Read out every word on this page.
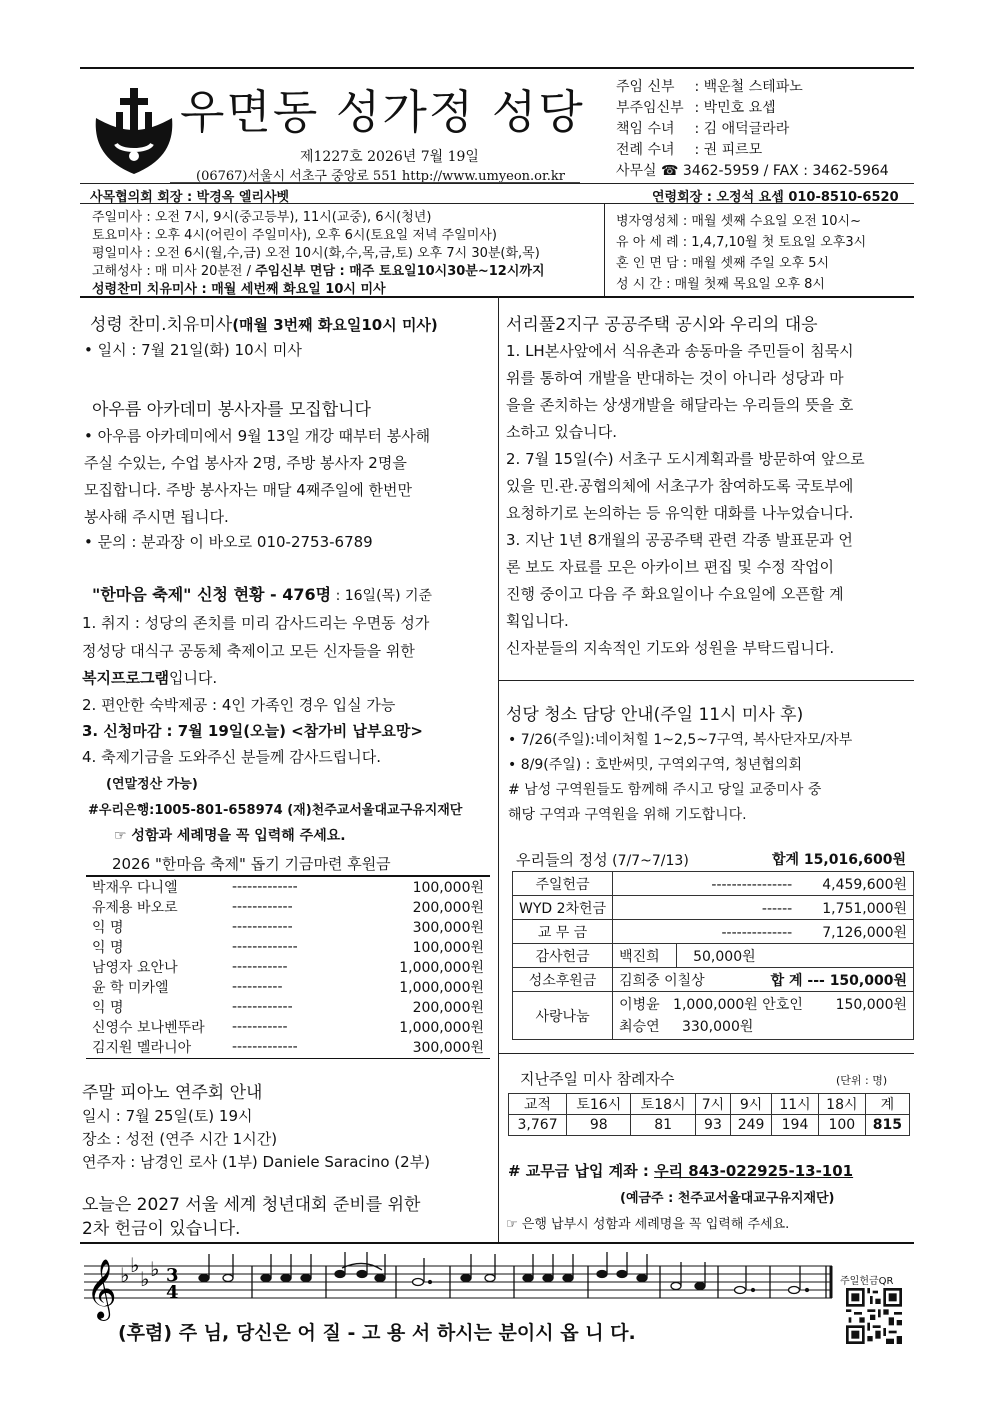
우면동 성가정 성당
제1227호 2026년 7월 19일
(06767)서울시 서초구 중앙로 551 http://www.umyeon.or.kr
주임 신부 : 백운철 스테파노
부주임신부 : 박민호 요셉
책임 수녀 : 김 애덕글라라
전례 수녀 : 권 피르모
사무실 ☎ 3462-5959 / FAX : 3462-5964
사목협의회 회장 : 박경옥 엘리사벳	연령회장 : 오정석 요셉 010-8510-6520
주일미사 : 오전 7시, 9시(중고등부), 11시(교중), 6시(청년)
토요미사 : 오후 4시(어린이 주일미사), 오후 6시(토요일 저녁 주일미사)
평일미사 : 오전 6시(월,수,금) 오전 10시(화,수,목,금,토) 오후 7시 30분(화,목)
고해성사 : 매 미사 20분전 / 주임신부 면담 : 매주 토요일10시30분~12시까지
성령찬미 치유미사 : 매월 세번째 화요일 10시 미사
병자영성체 : 매월 셋째 수요일 오전 10시~
유 아 세 례 : 1,4,7,10월 첫 토요일 오후3시
혼 인 면 담 : 매월 셋째 주일 오후 5시
성 시 간 : 매월 첫째 목요일 오후 8시
성령 찬미.치유미사(매월 3번째 화요일10시 미사)
• 일시 : 7월 21일(화) 10시 미사
아우름 아카데미 봉사자를 모집합니다
• 아우름 아카데미에서 9월 13일 개강 때부터 봉사해
주실 수있는, 수업 봉사자 2명, 주방 봉사자 2명을
모집합니다. 주방 봉사자는 매달 4째주일에 한번만
봉사해 주시면 됩니다.
• 문의 : 분과장 이 바오로 010-2753-6789
"한마음 축제" 신청 현황 - 476명 : 16일(목) 기준
1. 취지 : 성당의 존치를 미리 감사드리는 우면동 성가
정성당 대식구 공동체 축제이고 모든 신자들을 위한
복지프로그램입니다.
2. 편안한 숙박제공 : 4인 가족인 경우 입실 가능
3. 신청마감 : 7월 19일(오늘) <참가비 납부요망>
4. 축제기금을 도와주신 분들께 감사드립니다.
(연말정산 가능)
#우리은행:1005-801-658974 (재)천주교서울대교구유지재단
☞ 성함과 세례명을 꼭 입력해 주세요.
2026 "한마음 축제" 돕기 기금마련 후원금
박재우 다니엘	-------------	100,000원
유제용 바오로	------------	200,000원
익 명	------------	300,000원
익 명	-------------	100,000원
남영자 요안나	-----------	1,000,000원
윤 학 미카엘	----------	1,000,000원
익 명	------------	200,000원
신영수 보나벤뚜라	-----------	1,000,000원
김지원 멜라니아	-------------	300,000원
주말 피아노 연주회 안내
일시 : 7월 25일(토) 19시
장소 : 성전 (연주 시간 1시간)
연주자 : 남경인 로사 (1부) Daniele Saracino (2부)
오늘은 2027 서울 세계 청년대회 준비를 위한
2차 헌금이 있습니다.
서리풀2지구 공공주택 공시와 우리의 대응
1. LH본사앞에서 식유촌과 송동마을 주민들이 침묵시
위를 통하여 개발을 반대하는 것이 아니라 성당과 마
을을 존치하는 상생개발을 해달라는 우리들의 뜻을 호
소하고 있습니다.
2. 7월 15일(수) 서초구 도시계획과를 방문하여 앞으로
있을 민.관.공협의체에 서초구가 참여하도록 국토부에
요청하기로 논의하는 등 유익한 대화를 나누었습니다.
3. 지난 1년 8개월의 공공주택 관련 각종 발표문과 언
론 보도 자료를 모은 아카이브 편집 및 수정 작업이
진행 중이고 다음 주 화요일이나 수요일에 오픈할 계
획입니다.
신자분들의 지속적인 기도와 성원을 부탁드립니다.
성당 청소 담당 안내(주일 11시 미사 후)
• 7/26(주일):네이처힐 1~2,5~7구역, 복사단자모/자부
• 8/9(주일) : 호반써밋, 구역외구역, 청년협의회
# 남성 구역원들도 함께해 주시고 당일 교중미사 중
해당 구역과 구역원을 위해 기도합니다.
우리들의 정성 (7/7~7/13)	합계 15,016,600원
주일헌금	---------------- 4,459,600원	
WYD 2차헌금	------ 1,751,000원	
교 무 금	-------------- 7,126,000원	
감사헌금	백진희	50,000원
성소후원금	김희중 이칠상 합 계 --- 150,000원	

사랑나눔	이병윤 1,000,000원 안호인 150,000원
최승연 330,000원	
지난주일 미사 참례자수	(단위 : 명)
교적	토16시	토18시	7시	9시	11시	18시	계
3,767	98	81	93	249	194	100	815
# 교무금 납입 계좌 : 우리 843-022925-13-101
(예금주 : 천주교서울대교구유지재단)
☞ 은행 납부시 성함과 세례명을 꼭 입력해 주세요.
𝄞 ♭ ♭
♭ ♭ 3
4
(후렴) 주 님, 당신은 어 질 - 고 용 서 하시는 분이시 옵 니 다.
주일헌금QR
